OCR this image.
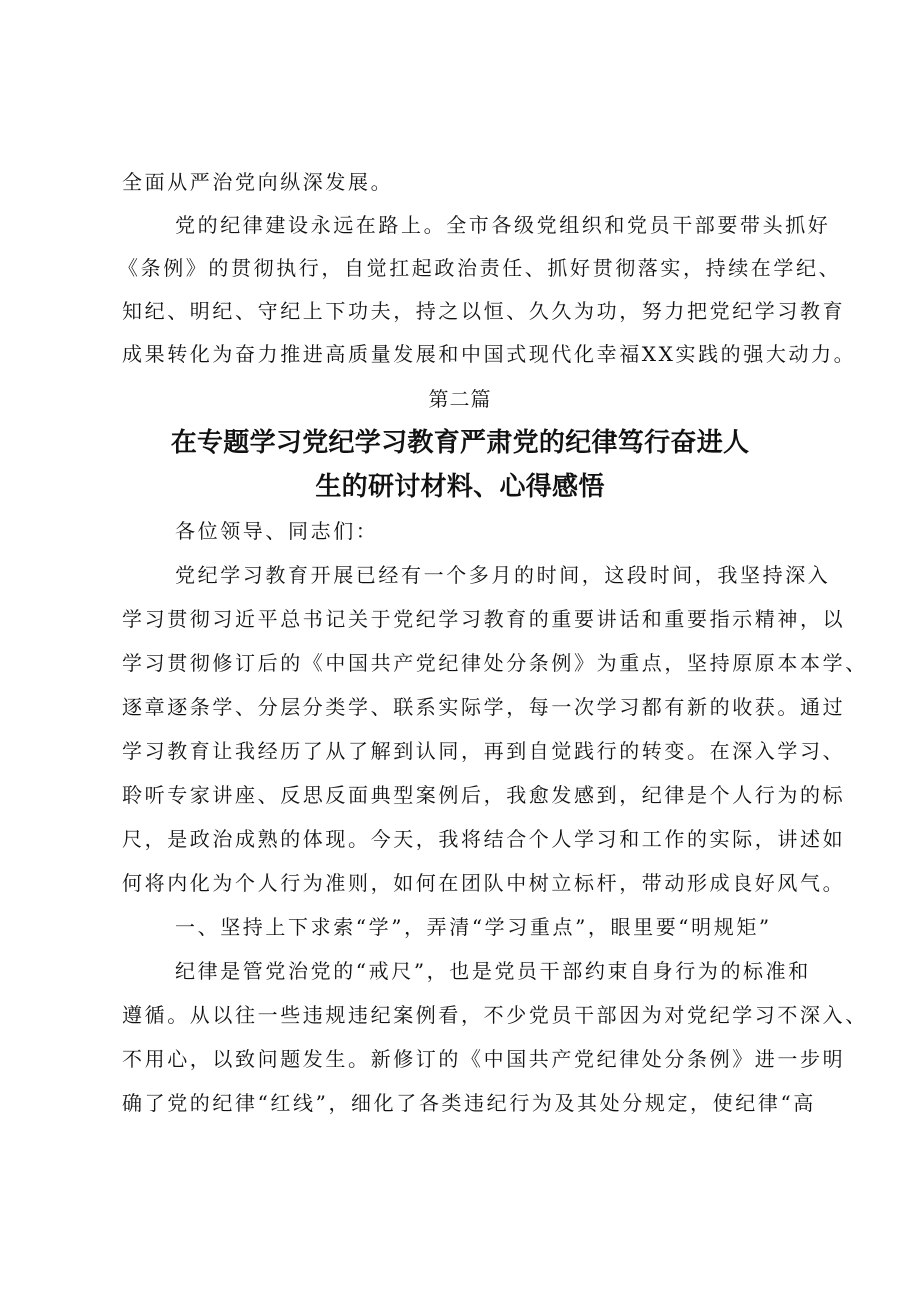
全面从严治党向纵深发展。
党的纪律建设永远在路上。全市各级党组织和党员干部要带头抓好
《条例》的贯彻执行，自觉扛起政治责任、抓好贯彻落实，持续在学纪、
知纪、明纪、守纪上下功夫，持之以恒、久久为功，努力把党纪学习教育
成果转化为奋力推进高质量发展和中国式现代化幸福XX实践的强大动力。
第二篇
在专题学习党纪学习教育严肃党的纪律笃行奋进人
生的研讨材料、心得感悟
各位领导、同志们：
党纪学习教育开展已经有一个多月的时间，这段时间，我坚持深入
学习贯彻习近平总书记关于党纪学习教育的重要讲话和重要指示精神，以
学习贯彻修订后的《中国共产党纪律处分条例》为重点，坚持原原本本学、
逐章逐条学、分层分类学、联系实际学，每一次学习都有新的收获。通过
学习教育让我经历了从了解到认同，再到自觉践行的转变。在深入学习、
聆听专家讲座、反思反面典型案例后，我愈发感到，纪律是个人行为的标
尺，是政治成熟的体现。今天，我将结合个人学习和工作的实际，讲述如
何将内化为个人行为准则，如何在团队中树立标杆，带动形成良好风气。
一、坚持上下求索“学”，弄清“学习重点”，眼里要“明规矩”
纪律是管党治党的“戒尺”，也是党员干部约束自身行为的标准和
遵循。从以往一些违规违纪案例看，不少党员干部因为对党纪学习不深入、
不用心，以致问题发生。新修订的《中国共产党纪律处分条例》进一步明
确了党的纪律“红线”，细化了各类违纪行为及其处分规定，使纪律“高
